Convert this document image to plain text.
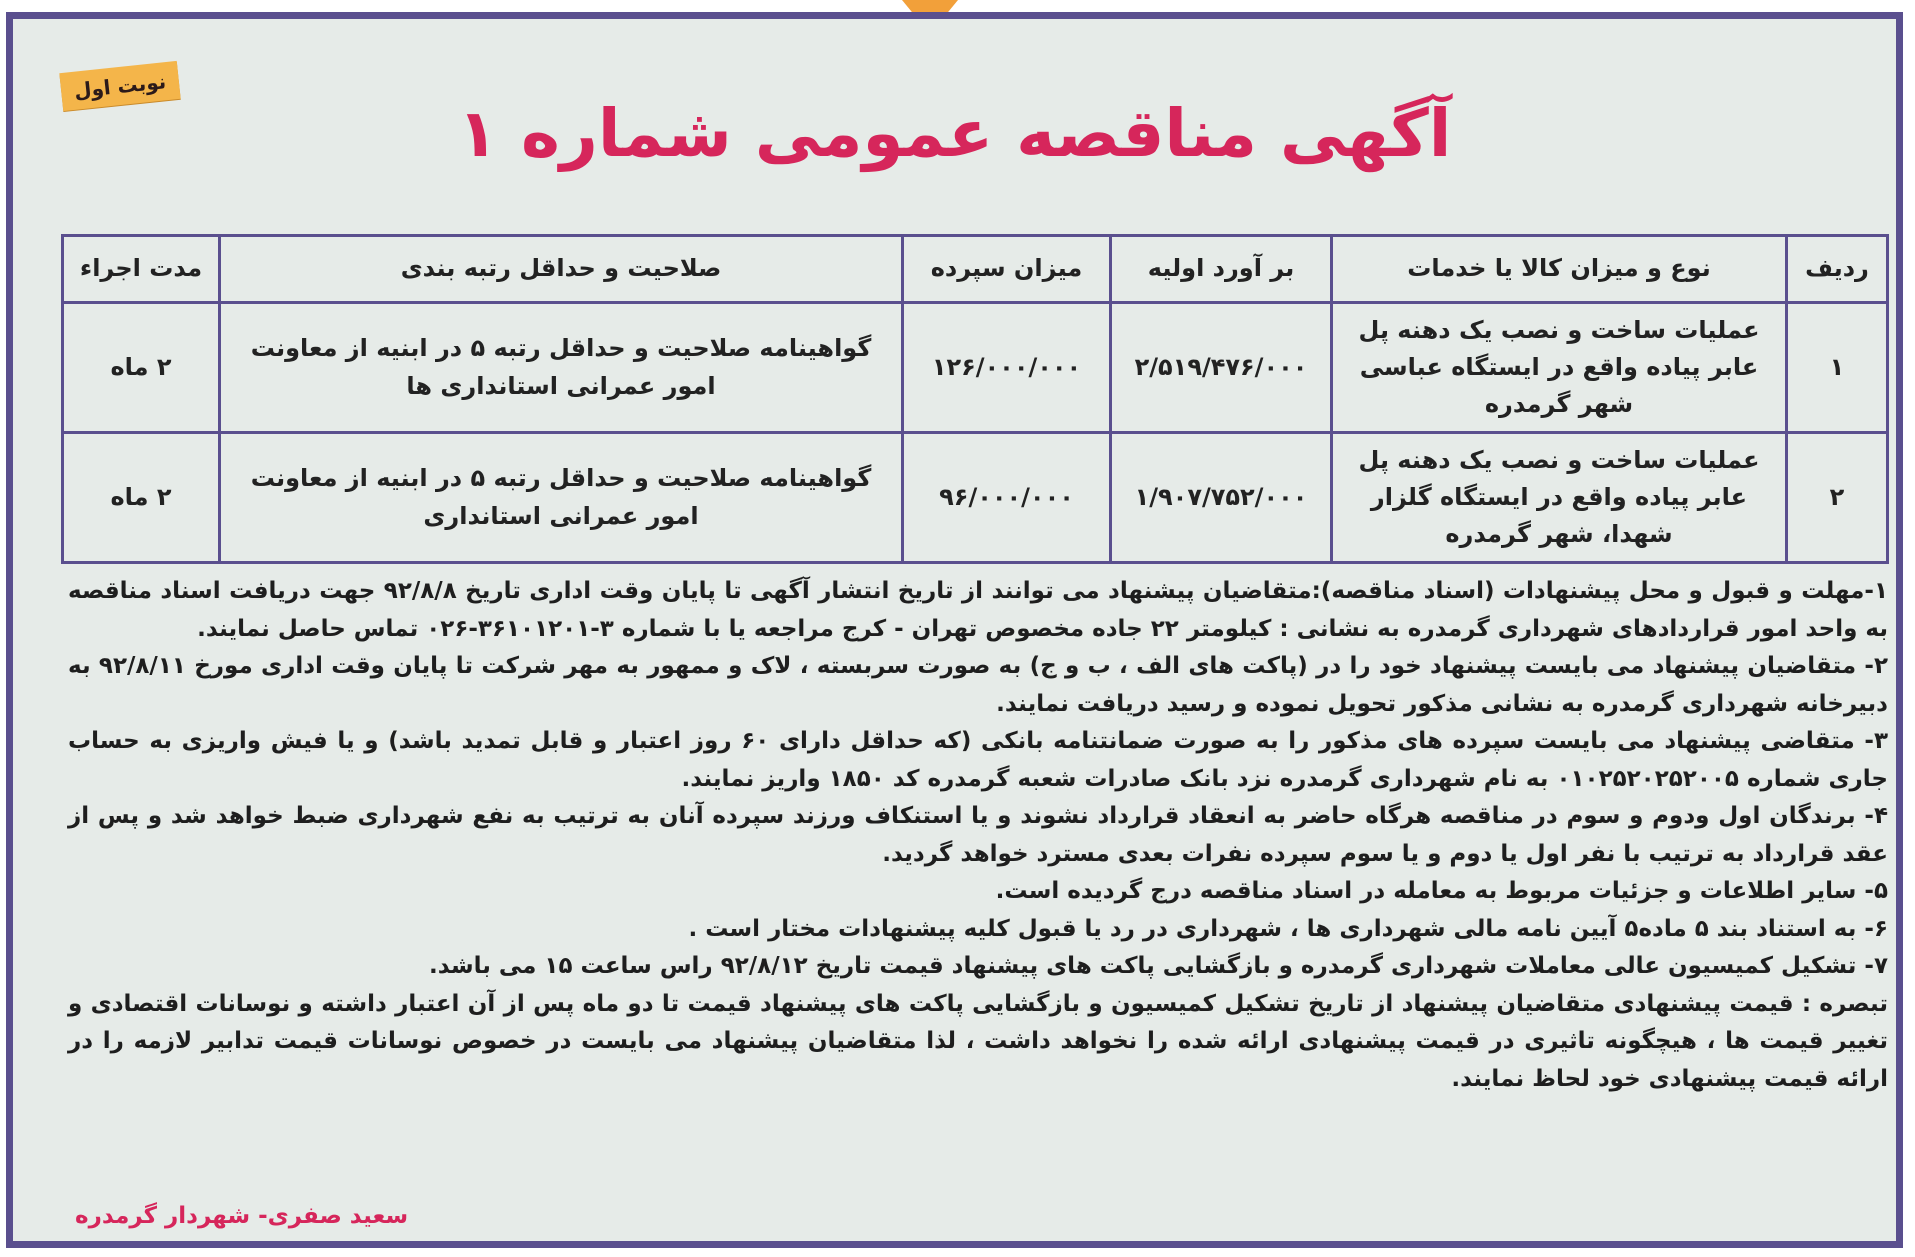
نوبت اول
آگهی مناقصه عمومی شماره ۱
ردیف	نوع و میزان کالا یا خدمات	بر آورد اولیه	میزان سپرده	صلاحیت و حداقل رتبه بندی	مدت اجراء
۱	عملیات ساخت و نصب یک دهنه پل عابر پیاده واقع در ایستگاه عباسی شهر گرمدره	۲/۵۱۹/۴۷۶/۰۰۰	۱۲۶/۰۰۰/۰۰۰	گواهینامه صلاحیت و حداقل رتبه ۵ در ابنیه از معاونت امور عمرانی استانداری ها	۲ ماه
۲	عملیات ساخت و نصب یک دهنه پل عابر پیاده واقع در ایستگاه گلزار شهدا، شهر گرمدره	۱/۹۰۷/۷۵۲/۰۰۰	۹۶/۰۰۰/۰۰۰	گواهینامه صلاحیت و حداقل رتبه ۵ در ابنیه از معاونت امور عمرانی استانداری	۲ ماه

۱-مهلت و قبول و محل پیشنهادات (اسناد مناقصه):متقاضیان پیشنهاد می توانند از تاریخ انتشار آگهی تا پایان وقت اداری تاریخ ۹۲/۸/۸ جهت دریافت اسناد مناقصه به واحد امور قراردادهای شهرداری گرمدره به نشانی : کیلومتر ۲۲ جاده مخصوص تهران - کرج مراجعه یا با شماره ۳-۳۶۱۰۱۲۰۱-۰۲۶ تماس حاصل نمایند.

۲- متقاضیان پیشنهاد می بایست پیشنهاد خود را در (پاکت های الف ، ب و ج) به صورت سربسته ، لاک و ممهور به مهر شرکت تا پایان وقت اداری مورخ ۹۲/۸/۱۱ به دبیرخانه شهرداری گرمدره به نشانی مذکور تحویل نموده و رسید دریافت نمایند.

۳- متقاضی پیشنهاد می بایست سپرده های مذکور را به صورت ضمانتنامه بانکی (که حداقل دارای ۶۰ روز اعتبار و قابل تمدید باشد) و یا فیش واریزی به حساب جاری شماره ۰۱۰۲۵۲۰۲۵۲۰۰۵ به نام شهرداری گرمدره نزد بانک صادرات شعبه گرمدره کد ۱۸۵۰ واریز نمایند.

۴- برندگان اول ودوم و سوم در مناقصه هرگاه حاضر به انعقاد قرارداد نشوند و یا استنکاف ورزند سپرده آنان به ترتیب به نفع شهرداری ضبط خواهد شد و پس از عقد قرارداد به ترتیب با نفر اول یا دوم و یا سوم سپرده نفرات بعدی مسترد خواهد گردید.

۵- سایر اطلاعات و جزئیات مربوط به معامله در اسناد مناقصه درج گردیده است.

۶- به استناد بند ۵ ماده۵ آیین نامه مالی شهرداری ها ، شهرداری در رد یا قبول کلیه پیشنهادات مختار است .

۷- تشکیل کمیسیون عالی معاملات شهرداری گرمدره و بازگشایی پاکت های پیشنهاد قیمت تاریخ ۹۲/۸/۱۲ راس ساعت ۱۵ می باشد.

تبصره : قیمت پیشنهادی متقاضیان پیشنهاد از تاریخ تشکیل کمیسیون و بازگشایی پاکت های پیشنهاد قیمت تا دو ماه پس از آن اعتبار داشته و نوسانات اقتصادی و تغییر قیمت ها ، هیچگونه تاثیری در قیمت پیشنهادی ارائه شده را نخواهد داشت ، لذا متقاضیان پیشنهاد می بایست در خصوص نوسانات قیمت تدابیر لازمه را در ارائه قیمت پیشنهادی خود لحاظ نمایند.

سعید صفری- شهردار گرمدره
